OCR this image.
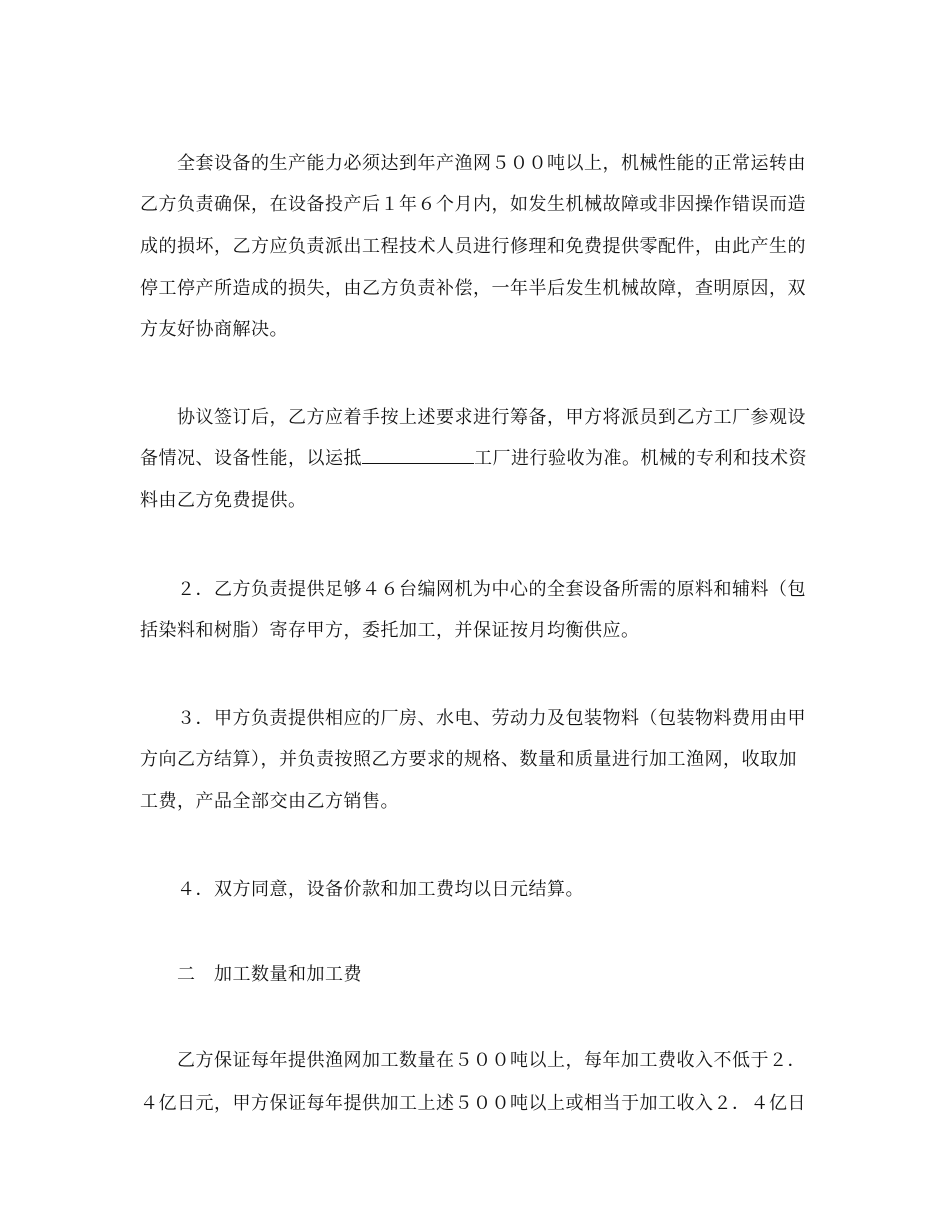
　　全套设备的生产能力必须达到年产渔网５００吨以上，机械性能的正常运转由
乙方负责确保，在设备投产后１年６个月内，如发生机械故障或非因操作错误而造
成的损坏，乙方应负责派出工程技术人员进行修理和免费提供零配件，由此产生的
停工停产所造成的损失，由乙方负责补偿，一年半后发生机械故障，查明原因，双
方友好协商解决。
　　协议签订后，乙方应着手按上述要求进行筹备，甲方将派员到乙方工厂参观设
备情况、设备性能，以运抵	工厂进行验收为准。机械的专利和技术资
料由乙方免费提供。
　　２．乙方负责提供足够４６台编网机为中心的全套设备所需的原料和辅料（包
括染料和树脂）寄存甲方，委托加工，并保证按月均衡供应。
　　３．甲方负责提供相应的厂房、水电、劳动力及包装物料（包装物料费用由甲
方向乙方结算），并负责按照乙方要求的规格、数量和质量进行加工渔网，收取加
工费，产品全部交由乙方销售。
　　４．双方同意，设备价款和加工费均以日元结算。
　　二　加工数量和加工费
　　乙方保证每年提供渔网加工数量在５００吨以上，每年加工费收入不低于２．
４亿日元，甲方保证每年提供加工上述５００吨以上或相当于加工收入２．４亿日
